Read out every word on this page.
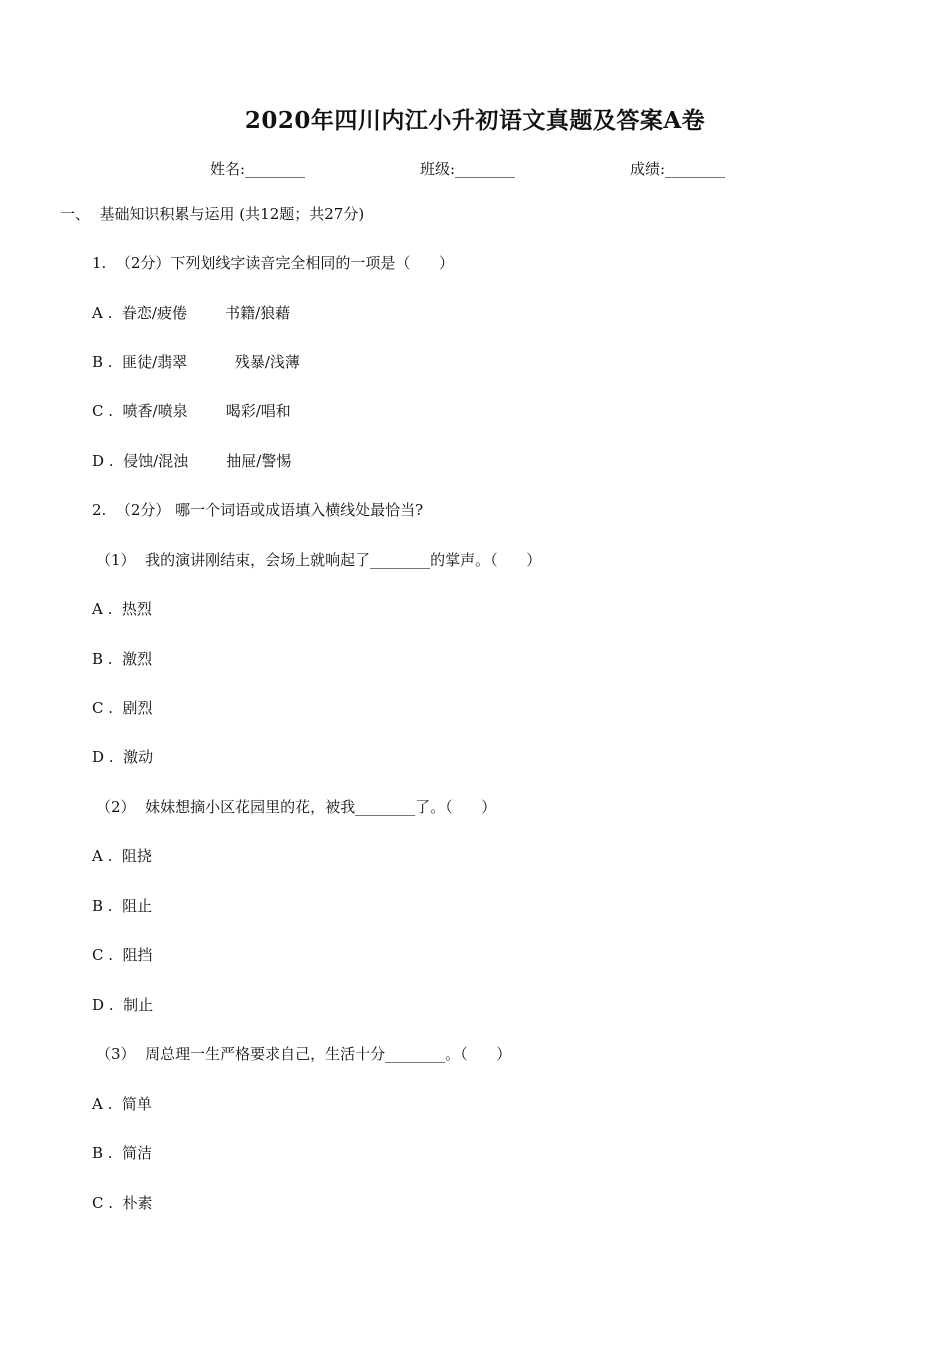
2020年四川内江小升初语文真题及答案A卷
姓名:________	班级:________	成绩:________
一、  基础知识积累与运用 (共12题；共27分)
1.  （2分）下列划线字读音完全相同的一项是（      ）
A .  眷恋/疲倦        书籍/狼藉
B .  匪徒/翡翠          残暴/浅薄
C .  喷香/喷泉        喝彩/唱和
D .  侵蚀/混浊        抽屉/警惕
2.  （2分） 哪一个词语或成语填入横线处最恰当?
（1）  我的演讲刚结束，会场上就响起了________的掌声。（      ）
A .  热烈
B .  激烈
C .  剧烈
D .  激动
（2）  妹妹想摘小区花园里的花，被我________了。（      ）
A .  阻挠
B .  阻止
C .  阻挡
D .  制止
（3）  周总理一生严格要求自己，生活十分________。（      ）
A .  简单
B .  简洁
C .  朴素
